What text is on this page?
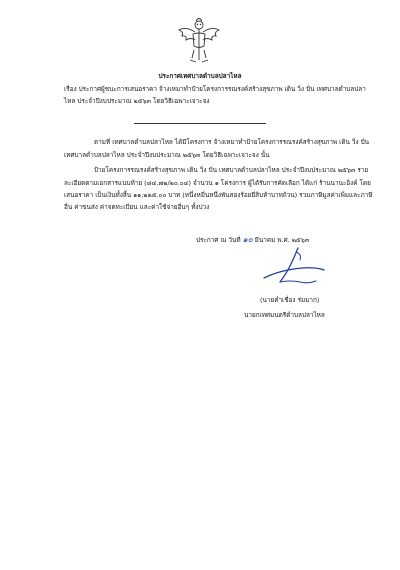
ประกาศเทศบาลตำบลปลาไหล
เรื่อง ประกาศผู้ชนะการเสนอราคา จ้างเหมาทำป้ายโครงการรณรงค์สร้างสุขภาพ เดิน วิ่ง ปั่น เทศบาลตำบลปลา
ไหล ประจำปีงบประมาณ ๒๕๖๓ โดยวิธีเฉพาะเจาะจง
ตามที่ เทศบาลตำบลปลาไหล ได้มีโครงการ จ้างเหมาทำป้ายโครงการรณรงค์สร้างสุขภาพ เดิน วิ่ง ปั่น
เทศบาลตำบลปลาไหล ประจำปีงบประมาณ ๒๕๖๓ โดยวิธีเฉพาะเจาะจง นั้น
ป้ายโครงการรณรงค์สร้างสุขภาพ เดิน วิ่ง ปั่น เทศบาลตำบลปลาไหล ประจำปีงบประมาณ ๒๕๖๓ ราย
ละเอียดตามเอกสารแนบท้าย (๘๔.๗๒/๒๐.๐๔) จำนวน ๑ โครงการ ผู้ได้รับการคัดเลือก ได้แก่ ร้านนานะอิงค์ โดย
เสนอราคา เป็นเงินทั้งสิ้น ๑๑,๒๒๕.๐๐ บาท (หนึ่งหมื่นหนึ่งพันสองร้อยยี่สิบห้าบาทถ้วน) รวมภาษีมูลค่าเพิ่มและภาษี
อื่น ค่าขนส่ง ค่าจดทะเบียน และค่าใช้จ่ายอื่นๆ ทั้งปวง
ประกาศ ณ วันที่ ๑๐ มีนาคม พ.ศ. ๒๕๖๓
(นายคำเชื่อง ร่มมาก)
นายกเทศมนตรีตำบลปลาไหล
